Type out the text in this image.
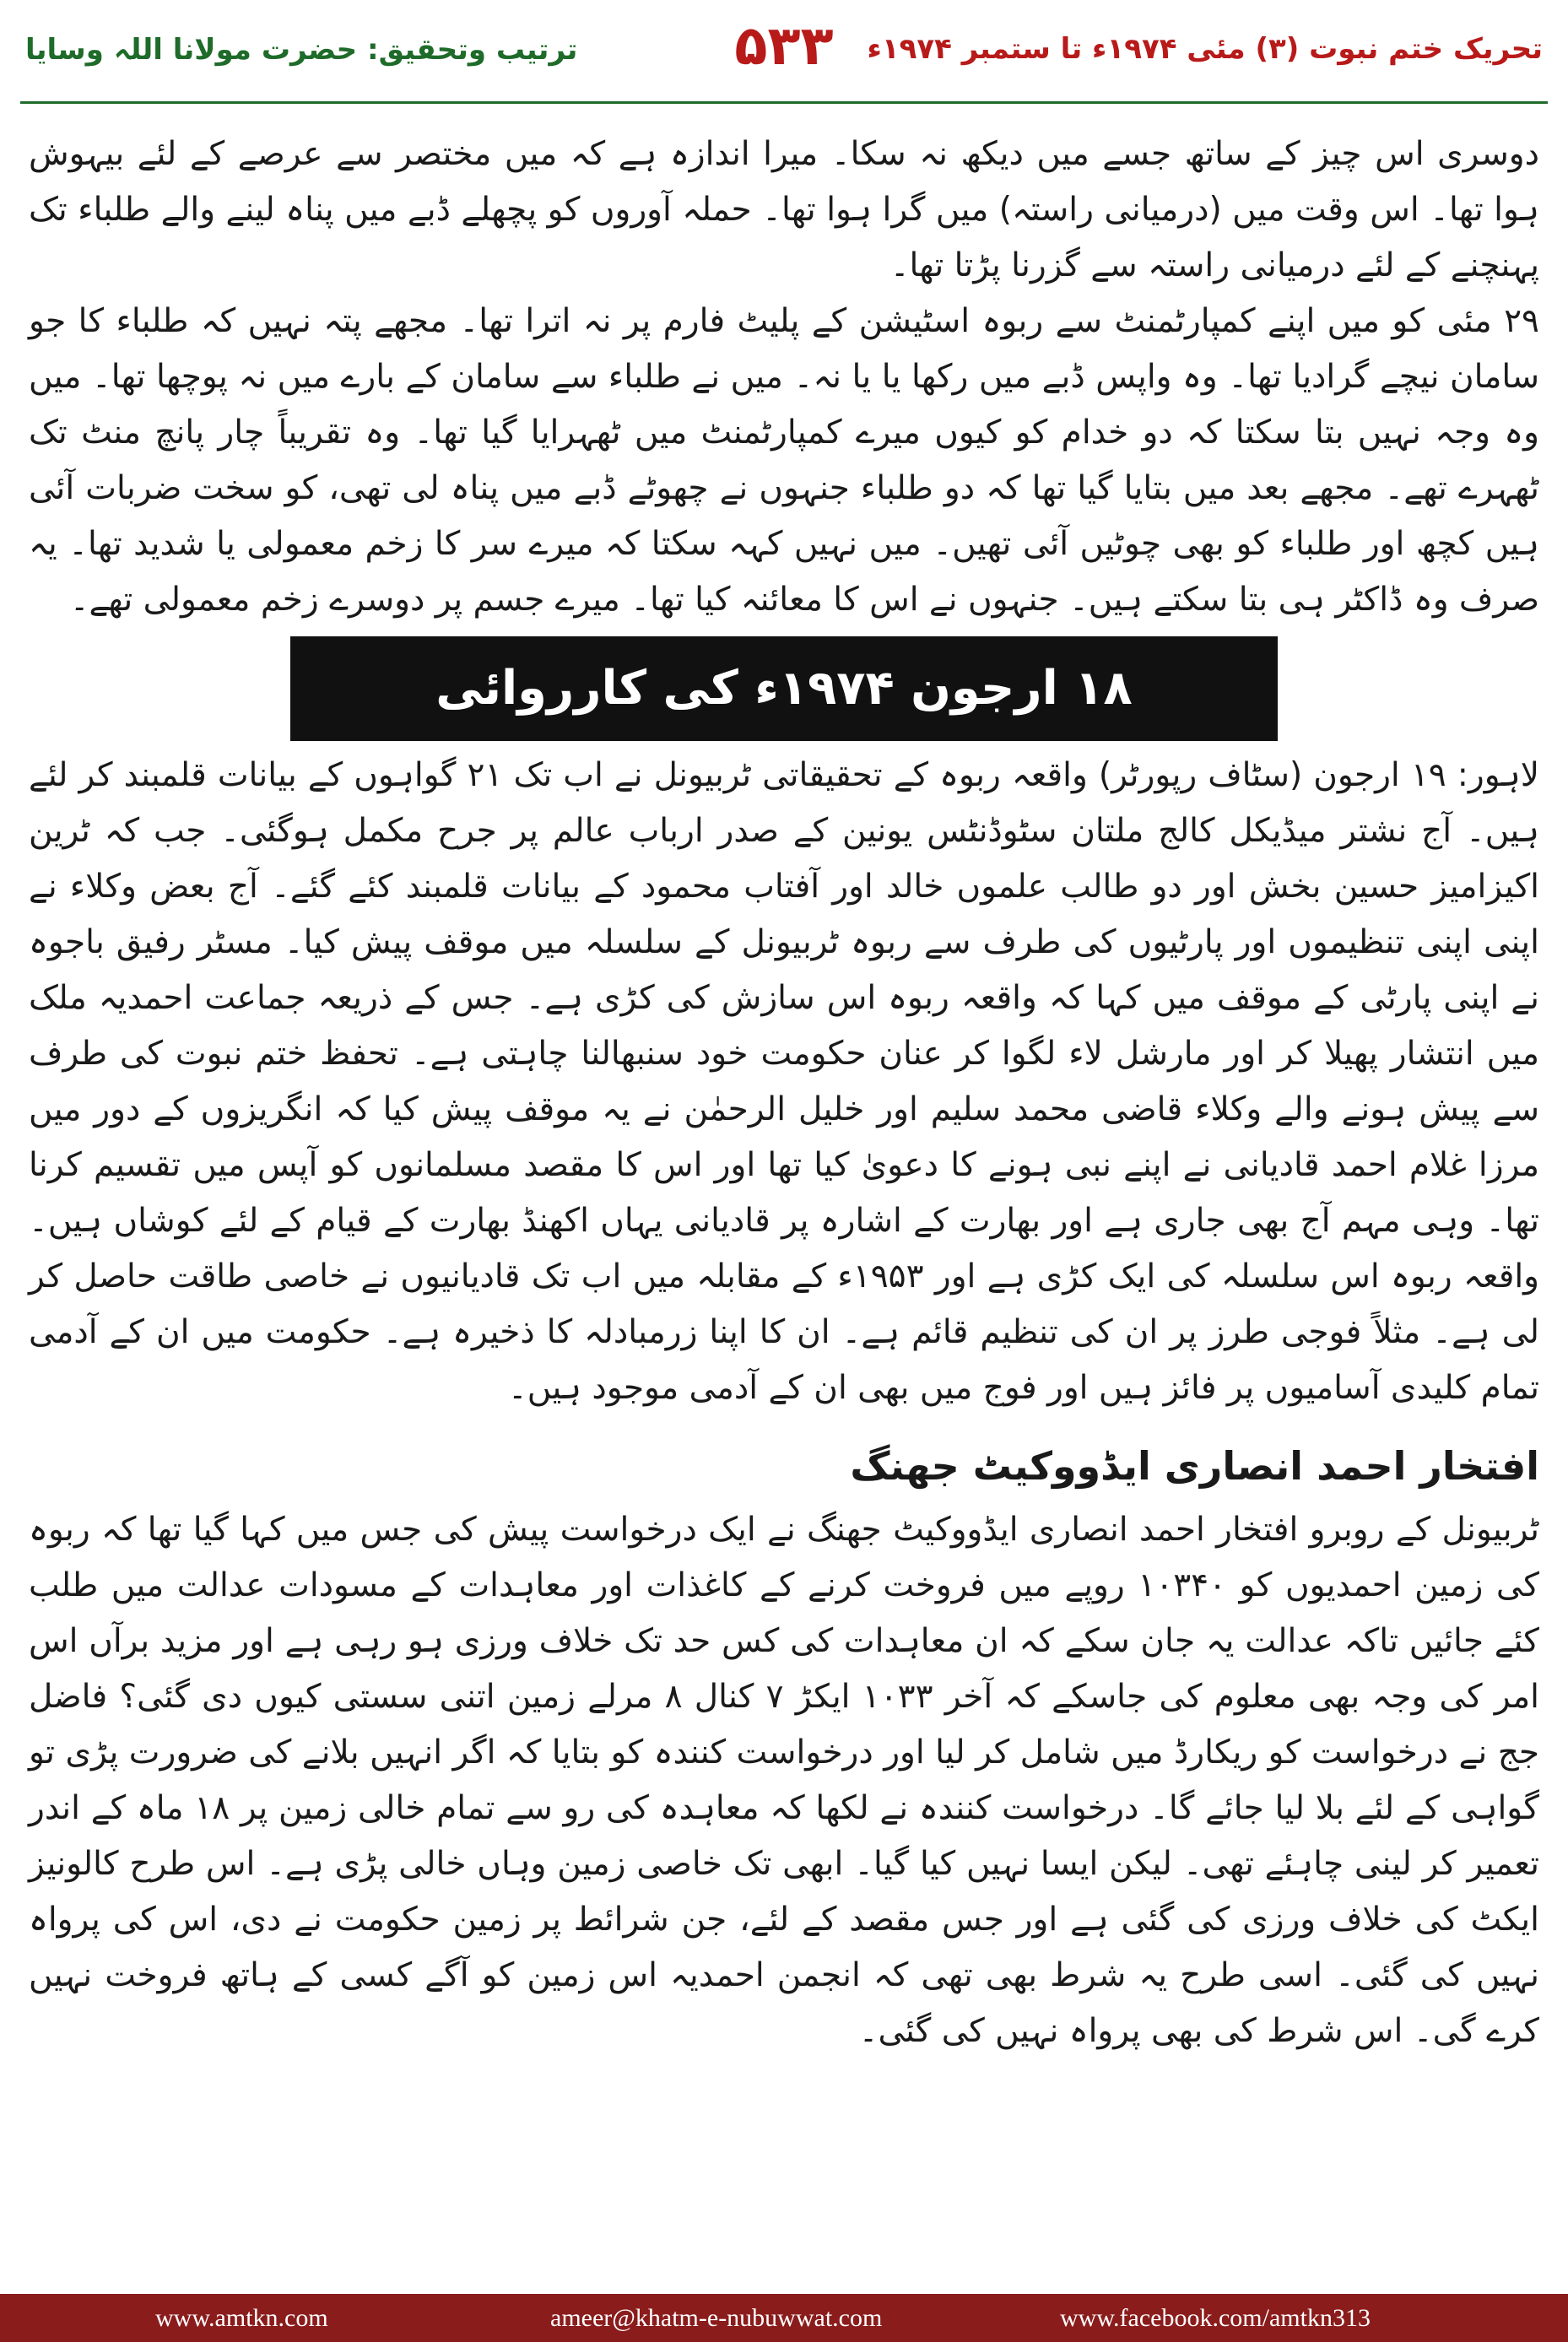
ترتیب وتحقیق: حضرت مولانا اللہ وسایا	۵۳۳	تحریک ختم نبوت (۳) مئی ۱۹۷۴ء تا ستمبر ۱۹۷۴ء

دوسری اس چیز کے ساتھ جسے میں دیکھ نہ سکا۔ میرا اندازہ ہے کہ میں مختصر سے عرصے کے لئے بیہوش ہوا تھا۔ اس وقت میں (درمیانی راستہ) میں گرا ہوا تھا۔ حملہ آوروں کو پچھلے ڈبے میں پناہ لینے والے طلباء تک پہنچنے کے لئے درمیانی راستہ سے گزرنا پڑتا تھا۔

۲۹ مئی کو میں اپنے کمپارٹمنٹ سے ربوہ اسٹیشن کے پلیٹ فارم پر نہ اترا تھا۔ مجھے پتہ نہیں کہ طلباء کا جو سامان نیچے گرادیا تھا۔ وہ واپس ڈبے میں رکھا یا یا نہ۔ میں نے طلباء سے سامان کے بارے میں نہ پوچھا تھا۔ میں وہ وجہ نہیں بتا سکتا کہ دو خدام کو کیوں میرے کمپارٹمنٹ میں ٹھہرایا گیا تھا۔ وہ تقریباً چار پانچ منٹ تک ٹھہرے تھے۔ مجھے بعد میں بتایا گیا تھا کہ دو طلباء جنہوں نے چھوٹے ڈبے میں پناہ لی تھی، کو سخت ضربات آئی ہیں کچھ اور طلباء کو بھی چوٹیں آئی تھیں۔ میں نہیں کہہ سکتا کہ میرے سر کا زخم معمولی یا شدید تھا۔ یہ صرف وہ ڈاکٹر ہی بتا سکتے ہیں۔ جنہوں نے اس کا معائنہ کیا تھا۔ میرے جسم پر دوسرے زخم معمولی تھے۔

۱۸ ارجون ۱۹۷۴ء کی کارروائی

لاہور: ۱۹ ارجون (سٹاف رپورٹر) واقعہ ربوہ کے تحقیقاتی ٹربیونل نے اب تک ۲۱ گواہوں کے بیانات قلمبند کر لئے ہیں۔ آج نشتر میڈیکل کالج ملتان سٹوڈنٹس یونین کے صدر ارباب عالم پر جرح مکمل ہوگئی۔ جب کہ ٹرین اکیزامیز حسین بخش اور دو طالب علموں خالد اور آفتاب محمود کے بیانات قلمبند کئے گئے۔ آج بعض وکلاء نے اپنی اپنی تنظیموں اور پارٹیوں کی طرف سے ربوہ ٹربیونل کے سلسلہ میں موقف پیش کیا۔ مسٹر رفیق باجوہ نے اپنی پارٹی کے موقف میں کہا کہ واقعہ ربوہ اس سازش کی کڑی ہے۔ جس کے ذریعہ جماعت احمدیہ ملک میں انتشار پھیلا کر اور مارشل لاء لگوا کر عنان حکومت خود سنبھالنا چاہتی ہے۔ تحفظ ختم نبوت کی طرف سے پیش ہونے والے وکلاء قاضی محمد سلیم اور خلیل الرحمٰن نے یہ موقف پیش کیا کہ انگریزوں کے دور میں مرزا غلام احمد قادیانی نے اپنے نبی ہونے کا دعویٰ کیا تھا اور اس کا مقصد مسلمانوں کو آپس میں تقسیم کرنا تھا۔ وہی مہم آج بھی جاری ہے اور بھارت کے اشارہ پر قادیانی یہاں اکھنڈ بھارت کے قیام کے لئے کوشاں ہیں۔ واقعہ ربوہ اس سلسلہ کی ایک کڑی ہے اور ۱۹۵۳ء کے مقابلہ میں اب تک قادیانیوں نے خاصی طاقت حاصل کر لی ہے۔ مثلاً فوجی طرز پر ان کی تنظیم قائم ہے۔ ان کا اپنا زرمبادلہ کا ذخیرہ ہے۔ حکومت میں ان کے آدمی تمام کلیدی آسامیوں پر فائز ہیں اور فوج میں بھی ان کے آدمی موجود ہیں۔

افتخار احمد انصاری ایڈووکیٹ جھنگ

ٹربیونل کے روبرو افتخار احمد انصاری ایڈووکیٹ جھنگ نے ایک درخواست پیش کی جس میں کہا گیا تھا کہ ربوہ کی زمین احمدیوں کو ۱۰۳۴۰ روپے میں فروخت کرنے کے کاغذات اور معاہدات کے مسودات عدالت میں طلب کئے جائیں تاکہ عدالت یہ جان سکے کہ ان معاہدات کی کس حد تک خلاف ورزی ہو رہی ہے اور مزید برآں اس امر کی وجہ بھی معلوم کی جاسکے کہ آخر ۱۰۳۳ ایکڑ ۷ کنال ۸ مرلے زمین اتنی سستی کیوں دی گئی؟ فاضل جج نے درخواست کو ریکارڈ میں شامل کر لیا اور درخواست کنندہ کو بتایا کہ اگر انہیں بلانے کی ضرورت پڑی تو گواہی کے لئے بلا لیا جائے گا۔ درخواست کنندہ نے لکھا کہ معاہدہ کی رو سے تمام خالی زمین پر ۱۸ ماہ کے اندر تعمیر کر لینی چاہئے تھی۔ لیکن ایسا نہیں کیا گیا۔ ابھی تک خاصی زمین وہاں خالی پڑی ہے۔ اس طرح کالونیز ایکٹ کی خلاف ورزی کی گئی ہے اور جس مقصد کے لئے، جن شرائط پر زمین حکومت نے دی، اس کی پرواہ نہیں کی گئی۔ اسی طرح یہ شرط بھی تھی کہ انجمن احمدیہ اس زمین کو آگے کسی کے ہاتھ فروخت نہیں کرے گی۔ اس شرط کی بھی پرواہ نہیں کی گئی۔

www.amtkn.com	ameer@khatm-e-nubuwwat.com	www.facebook.com/amtkn313
